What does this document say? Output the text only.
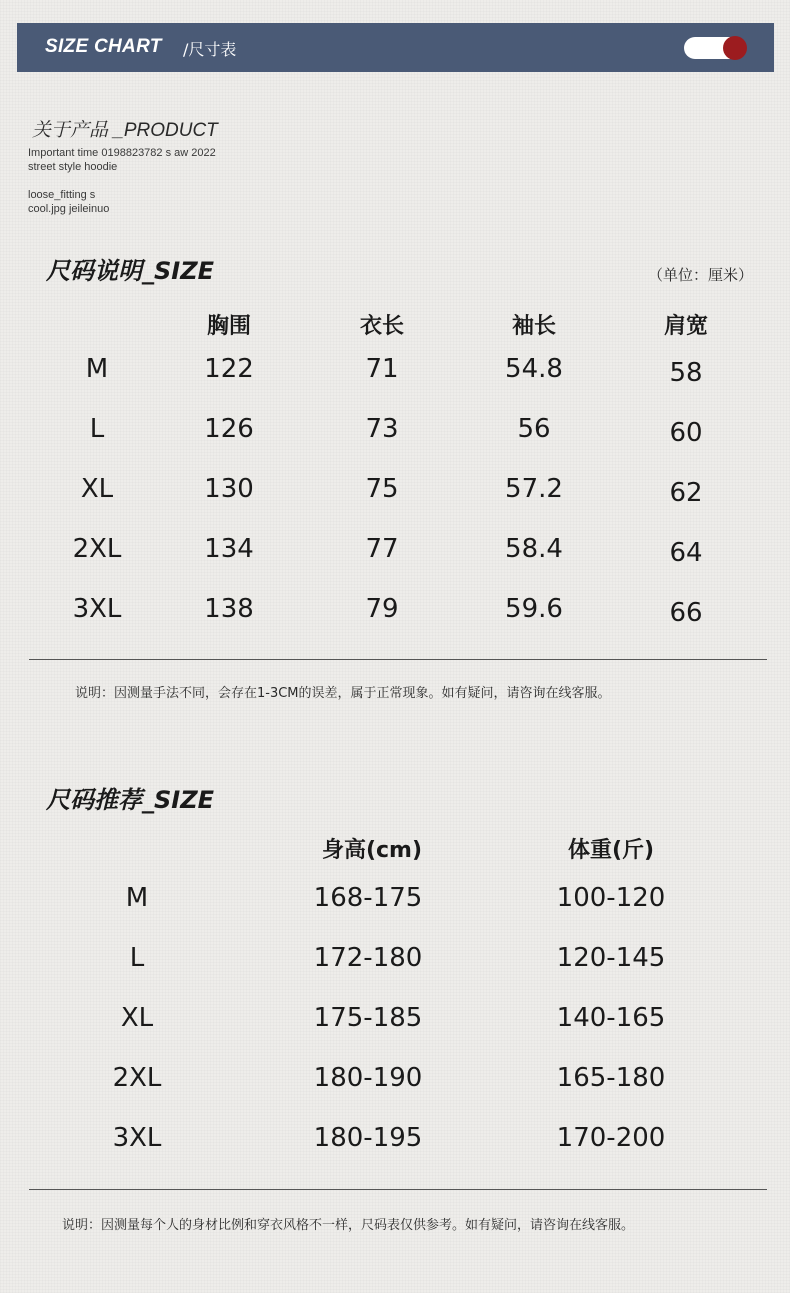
SIZE CHART /尺寸表
关于产品 _PRODUCT
Important time 0198823782 s aw 2022
street style hoodie
loose_fitting s
cool.jpg jeileinuo
尺码说明_SIZE	（单位：厘米）
胸围	衣长	袖长	肩宽
M	122	71	54.8	58
L	126	73	56	60
XL	130	75	57.2	62
2XL	134	77	58.4	64
3XL	138	79	59.6	66
说明：因测量手法不同，会存在1-3CM的误差，属于正常现象。如有疑问，请咨询在线客服。
尺码推荐_SIZE
身高(cm)	体重(斤)
M	168-175	100-120
L	172-180	120-145
XL	175-185	140-165
2XL	180-190	165-180
3XL	180-195	170-200
说明：因测量每个人的身材比例和穿衣风格不一样，尺码表仅供参考。如有疑问，请咨询在线客服。
